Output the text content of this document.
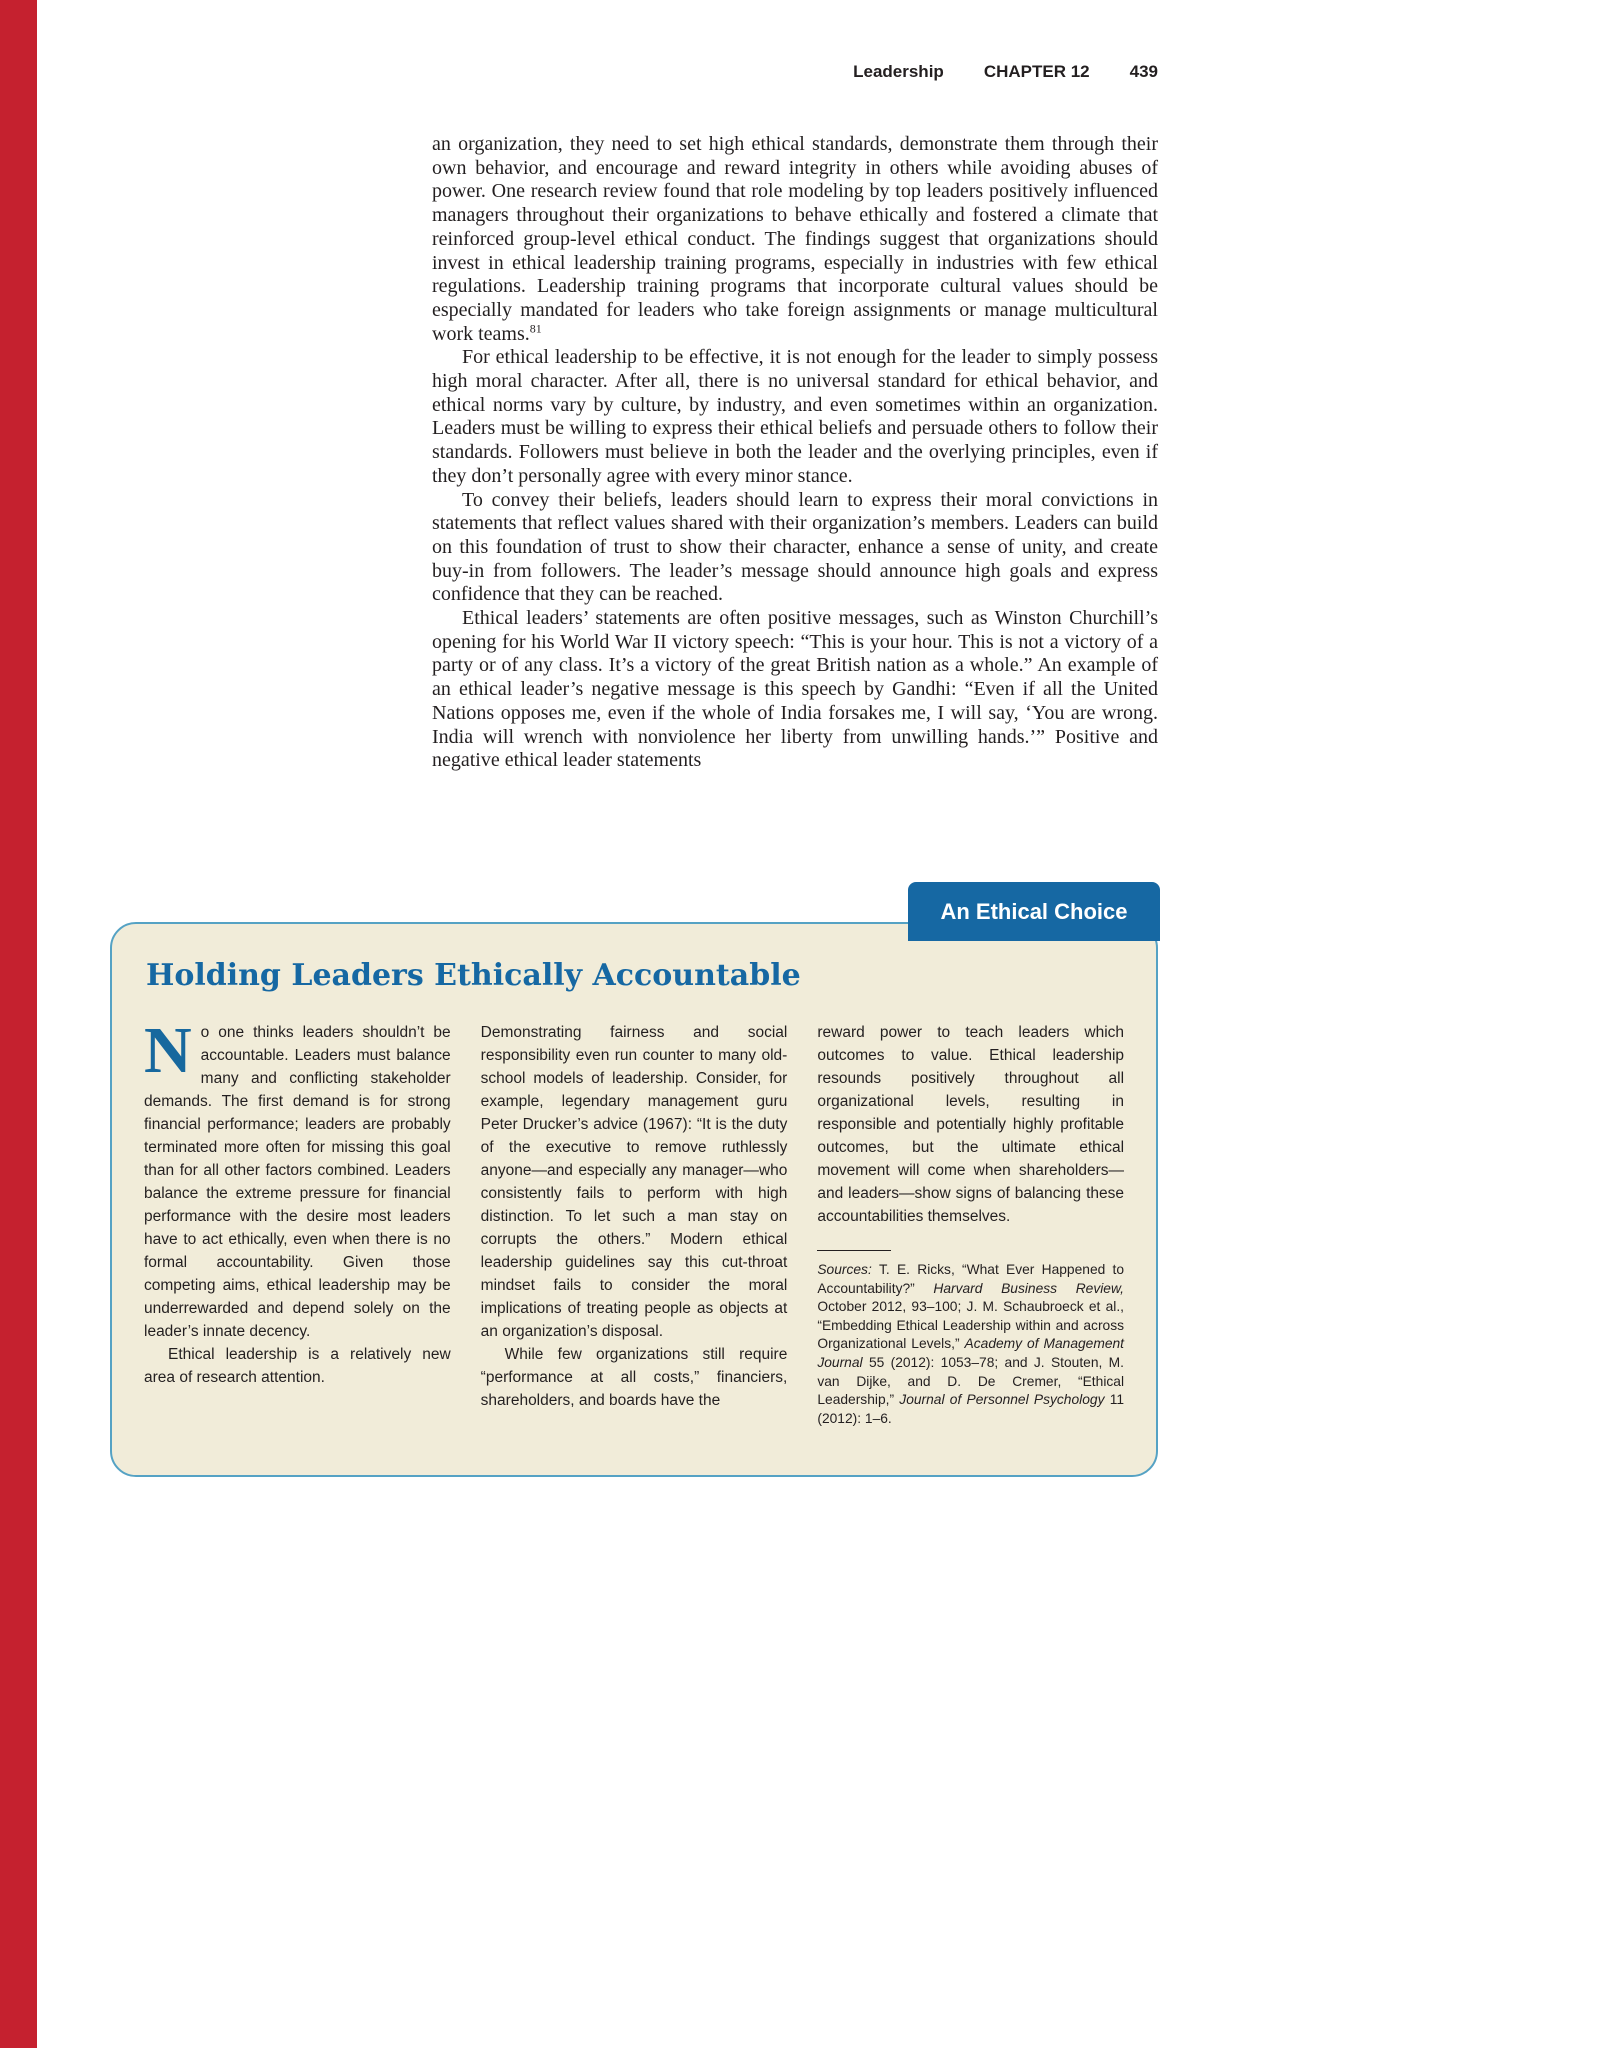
Leadership CHAPTER 12 439

an organization, they need to set high ethical standards, demonstrate them through their own behavior, and encourage and reward integrity in others while avoiding abuses of power. One research review found that role modeling by top leaders positively influenced managers throughout their organizations to behave ethically and fostered a climate that reinforced group-level ethical conduct. The findings suggest that organizations should invest in ethical leadership training programs, especially in industries with few ethical regulations. Leadership training programs that incorporate cultural values should be especially mandated for leaders who take foreign assignments or manage multicultural work teams.$^{81}$

For ethical leadership to be effective, it is not enough for the leader to simply possess high moral character. After all, there is no universal standard for ethical behavior, and ethical norms vary by culture, by industry, and even sometimes within an organization. Leaders must be willing to express their ethical beliefs and persuade others to follow their standards. Followers must believe in both the leader and the overlying principles, even if they don’t personally agree with every minor stance.

To convey their beliefs, leaders should learn to express their moral convictions in statements that reflect values shared with their organization’s members. Leaders can build on this foundation of trust to show their character, enhance a sense of unity, and create buy-in from followers. The leader’s message should announce high goals and express confidence that they can be reached.

Ethical leaders’ statements are often positive messages, such as Winston Churchill’s opening for his World War II victory speech: “This is your hour. This is not a victory of a party or of any class. It’s a victory of the great British nation as a whole.” An example of an ethical leader’s negative message is this speech by Gandhi: “Even if all the United Nations opposes me, even if the whole of India forsakes me, I will say, ‘You are wrong. India will wrench with nonviolence her liberty from unwilling hands.’” Positive and negative ethical leader statements

An Ethical Choice
Holding Leaders Ethically Accountable

No one thinks leaders shouldn’t be accountable. Leaders must balance many and conflicting stakeholder demands. The first demand is for strong financial performance; leaders are probably terminated more often for missing this goal than for all other factors combined. Leaders balance the extreme pressure for financial performance with the desire most leaders have to act ethically, even when there is no formal accountability. Given those competing aims, ethical leadership may be underrewarded and depend solely on the leader’s innate decency.

Ethical leadership is a relatively new area of research attention.

Demonstrating fairness and social responsibility even run counter to many old-school models of leadership. Consider, for example, legendary management guru Peter Drucker’s advice (1967): “It is the duty of the executive to remove ruthlessly anyone—and especially any manager—who consistently fails to perform with high distinction. To let such a man stay on corrupts the others.” Modern ethical leadership guidelines say this cut-throat mindset fails to consider the moral implications of treating people as objects at an organization’s disposal.

While few organizations still require “performance at all costs,” financiers, shareholders, and boards have the

reward power to teach leaders which outcomes to value. Ethical leadership resounds positively throughout all organizational levels, resulting in responsible and potentially highly profitable outcomes, but the ultimate ethical movement will come when shareholders—and leaders—show signs of balancing these accountabilities themselves.

Sources: T. E. Ricks, “What Ever Happened to Accountability?” Harvard Business Review, October 2012, 93–100; J. M. Schaubroeck et al., “Embedding Ethical Leadership within and across Organizational Levels,” Academy of Management Journal 55 (2012): 1053–78; and J. Stouten, M. van Dijke, and D. De Cremer, “Ethical Leadership,” Journal of Personnel Psychology 11 (2012): 1–6.
